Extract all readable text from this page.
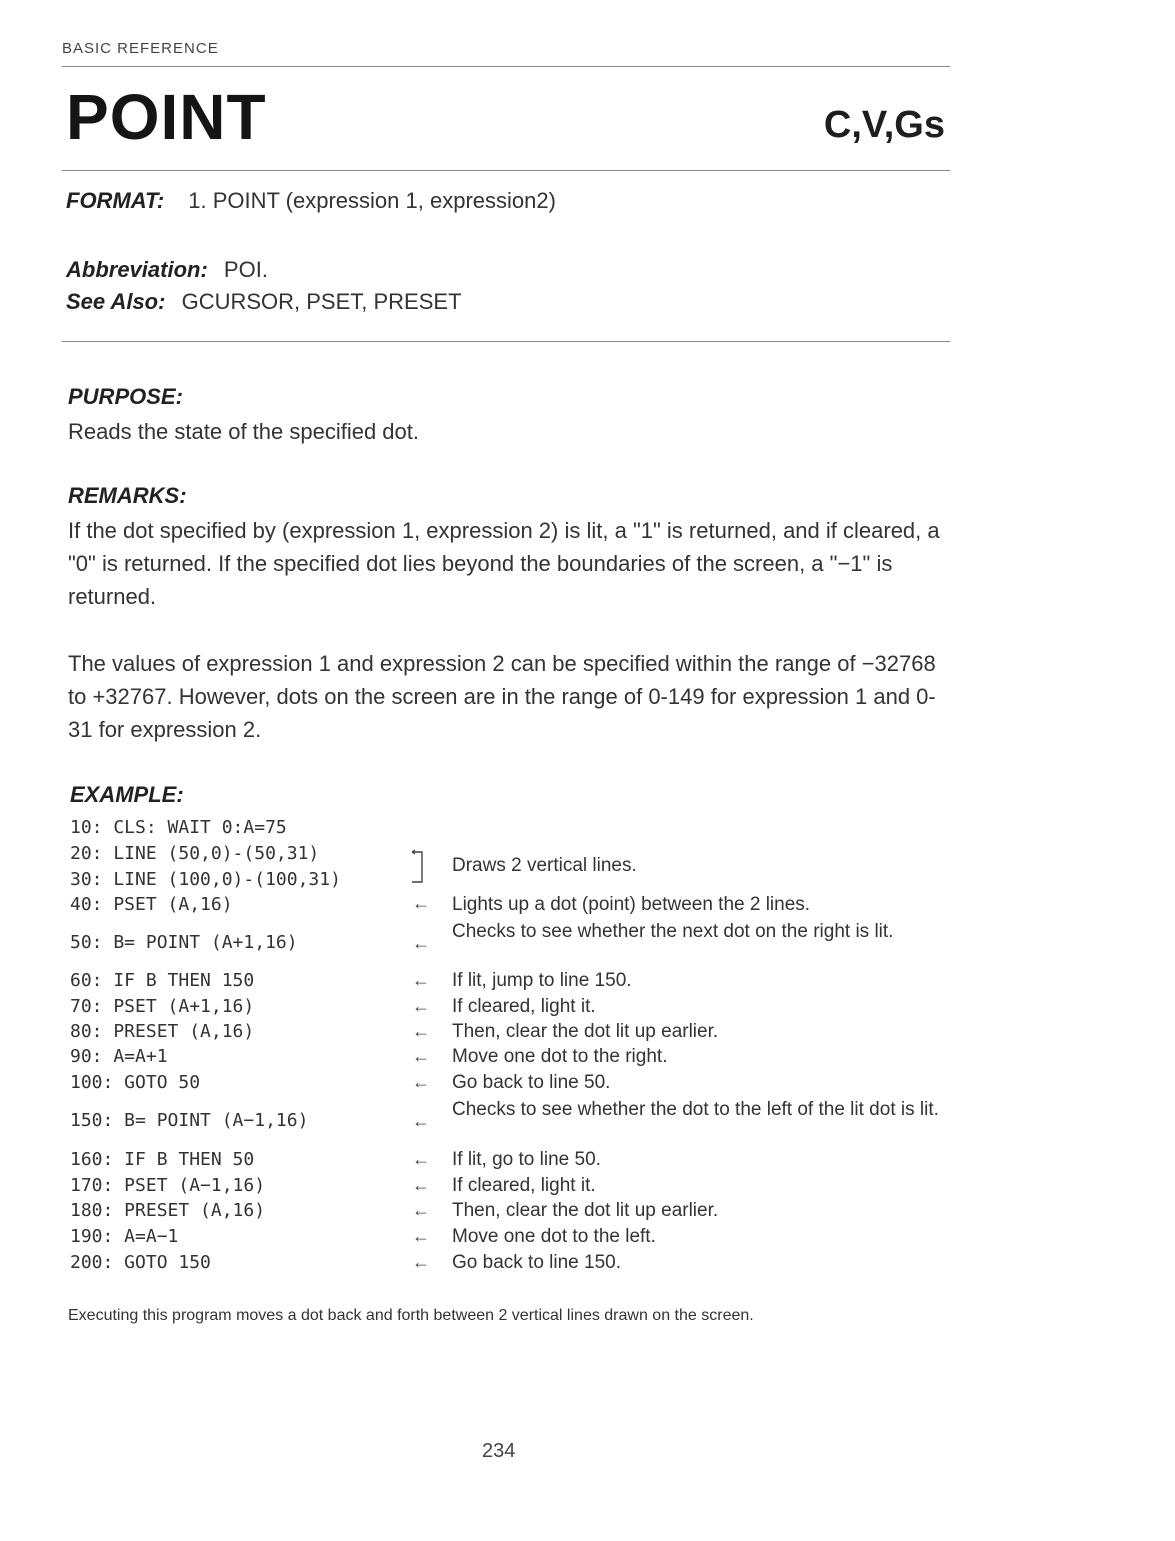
BASIC REFERENCE
POINT	C,V,Gs
FORMAT: 1. POINT (expression 1, expression2)
Abbreviation: POI.
See Also: GCURSOR, PSET, PRESET
PURPOSE:
Reads the state of the specified dot.
REMARKS:
If the dot specified by (expression 1, expression 2) is lit, a "1" is returned, and if cleared, a "0" is returned. If the specified dot lies beyond the boundaries of the screen, a "−1" is returned.
The values of expression 1 and expression 2 can be specified within the range of −32768 to +32767. However, dots on the screen are in the range of 0-149 for expression 1 and 0-31 for expression 2.
EXAMPLE:
10: CLS: WAIT 0:A=75
20: LINE (50,0)-(50,31)
30: LINE (100,0)-(100,31)
40: PSET (A,16)
50: B= POINT (A+1,16)
60: IF B THEN 150
70: PSET (A+1,16)
80: PRESET (A,16)
90: A=A+1
100: GOTO 50
150: B= POINT (A−1,16)
160: IF B THEN 50
170: PSET (A−1,16)
180: PRESET (A,16)
190: A=A−1
200: GOTO 150
←
←
←
←
←
←
←
←
←
←
←
←
←
Draws 2 vertical lines.
Lights up a dot (point) between the 2 lines.
Checks to see whether the next dot on the right is lit.
If lit, jump to line 150.
If cleared, light it.
Then, clear the dot lit up earlier.
Move one dot to the right.
Go back to line 50.
Checks to see whether the dot to the left of the lit dot is lit.
If lit, go to line 50.
If cleared, light it.
Then, clear the dot lit up earlier.
Move one dot to the left.
Go back to line 150.
Executing this program moves a dot back and forth between 2 vertical lines drawn on the screen.
234
